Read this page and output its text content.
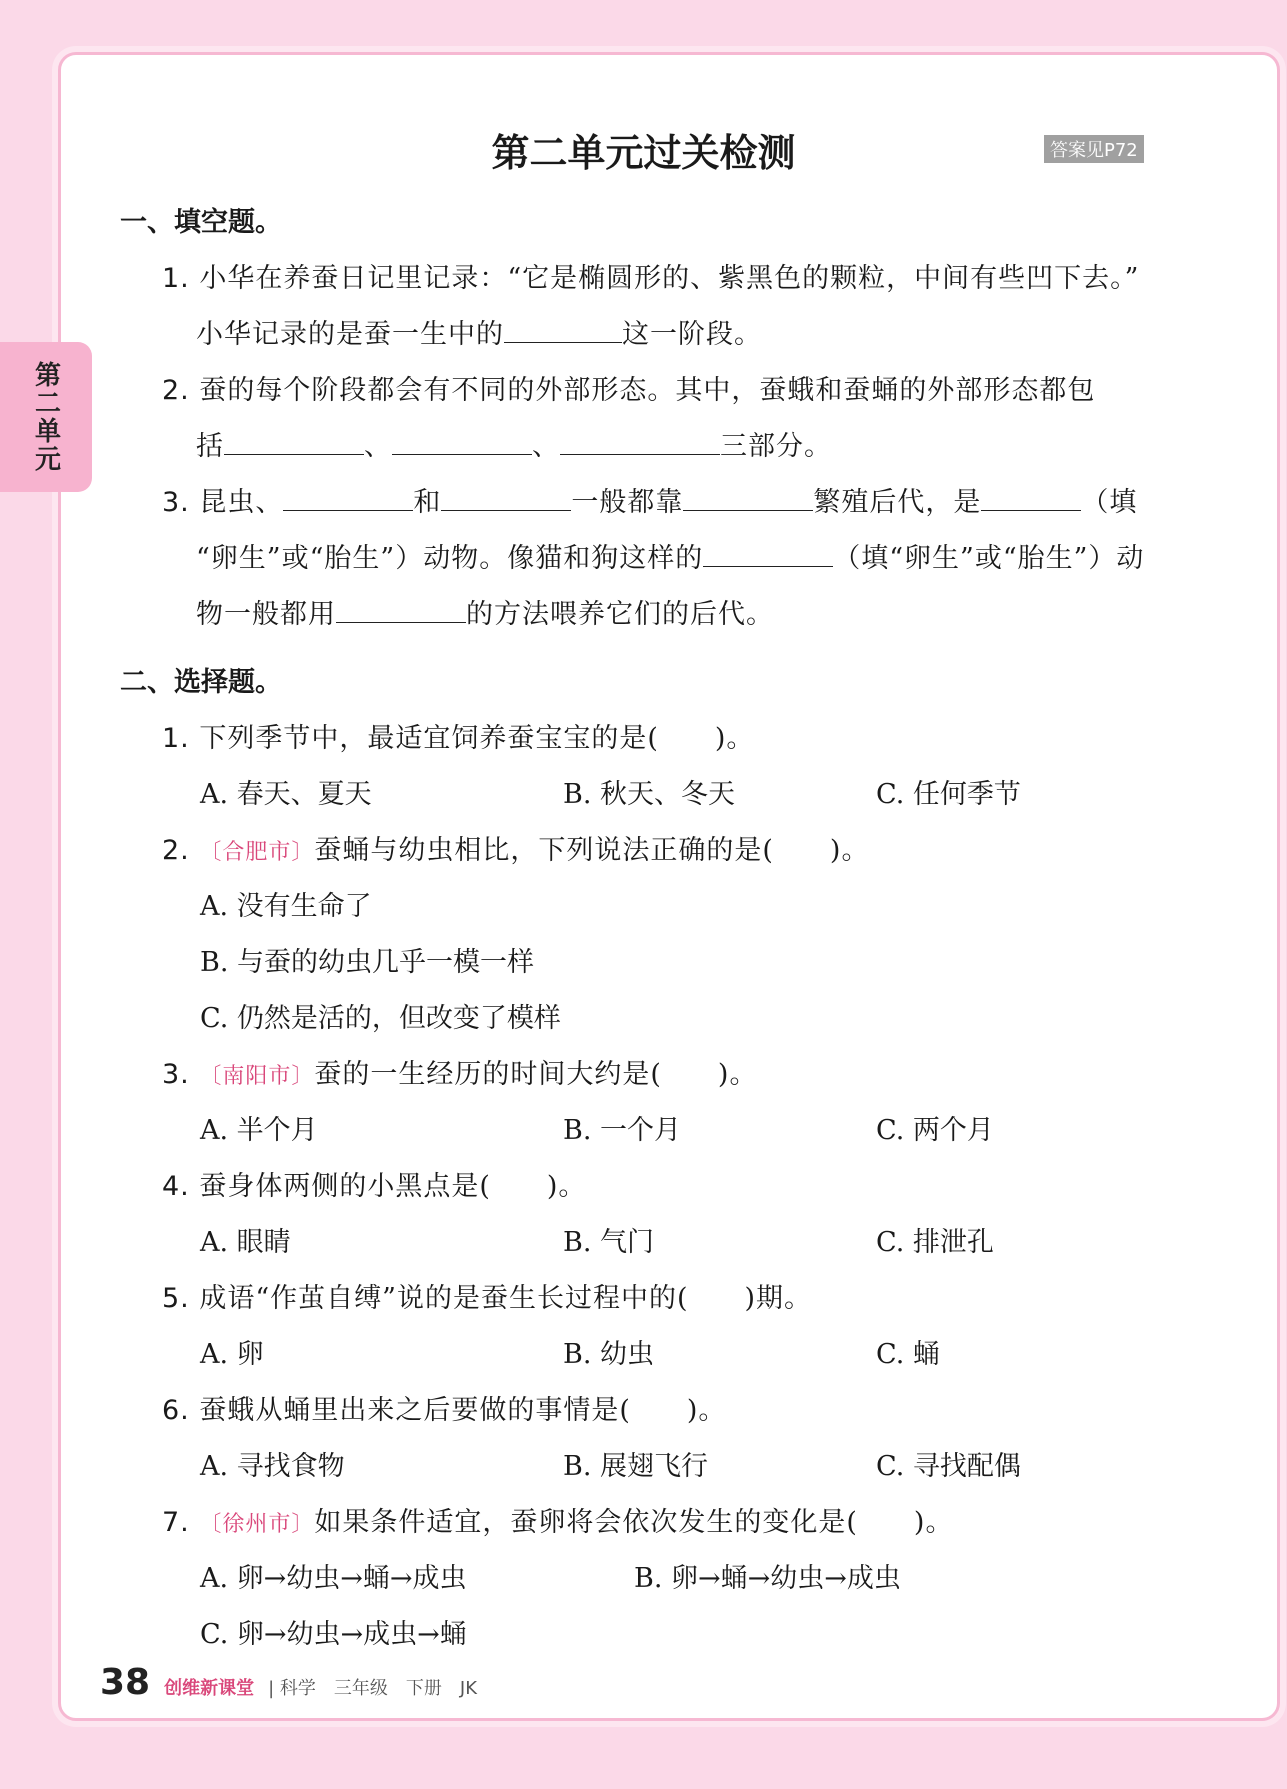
第二单元
第二单元过关检测	答案见P72
一、填空题。
1. 小华在养蚕日记里记录：“它是椭圆形的、紫黑色的颗粒，中间有些凹下去。”
小华记录的是蚕一生中的	这一阶段。
2. 蚕的每个阶段都会有不同的外部形态。其中，蚕蛾和蚕蛹的外部形态都包
括	、	、	三部分。
3. 昆虫、	和	一般都靠	繁殖后代，是	（填
“卵生”或“胎生”）动物。像猫和狗这样的	（填“卵生”或“胎生”）动
物一般都用	的方法喂养它们的后代。
二、选择题。
1. 下列季节中，最适宜饲养蚕宝宝的是(　　)。
A. 春天、夏天	B. 秋天、冬天	C. 任何季节
2. 〔合肥市〕蚕蛹与幼虫相比，下列说法正确的是(　　)。
A. 没有生命了
B. 与蚕的幼虫几乎一模一样
C. 仍然是活的，但改变了模样
3. 〔南阳市〕蚕的一生经历的时间大约是(　　)。
A. 半个月	B. 一个月	C. 两个月
4. 蚕身体两侧的小黑点是(　　)。
A. 眼睛	B. 气门	C. 排泄孔
5. 成语“作茧自缚”说的是蚕生长过程中的(　　)期。
A. 卵	B. 幼虫	C. 蛹
6. 蚕蛾从蛹里出来之后要做的事情是(　　)。
A. 寻找食物	B. 展翅飞行	C. 寻找配偶
7. 〔徐州市〕如果条件适宜，蚕卵将会依次发生的变化是(　　)。
A. 卵→幼虫→蛹→成虫	B. 卵→蛹→幼虫→成虫
C. 卵→幼虫→成虫→蛹
38 创维新课堂 | 科学　三年级　下册　JK
